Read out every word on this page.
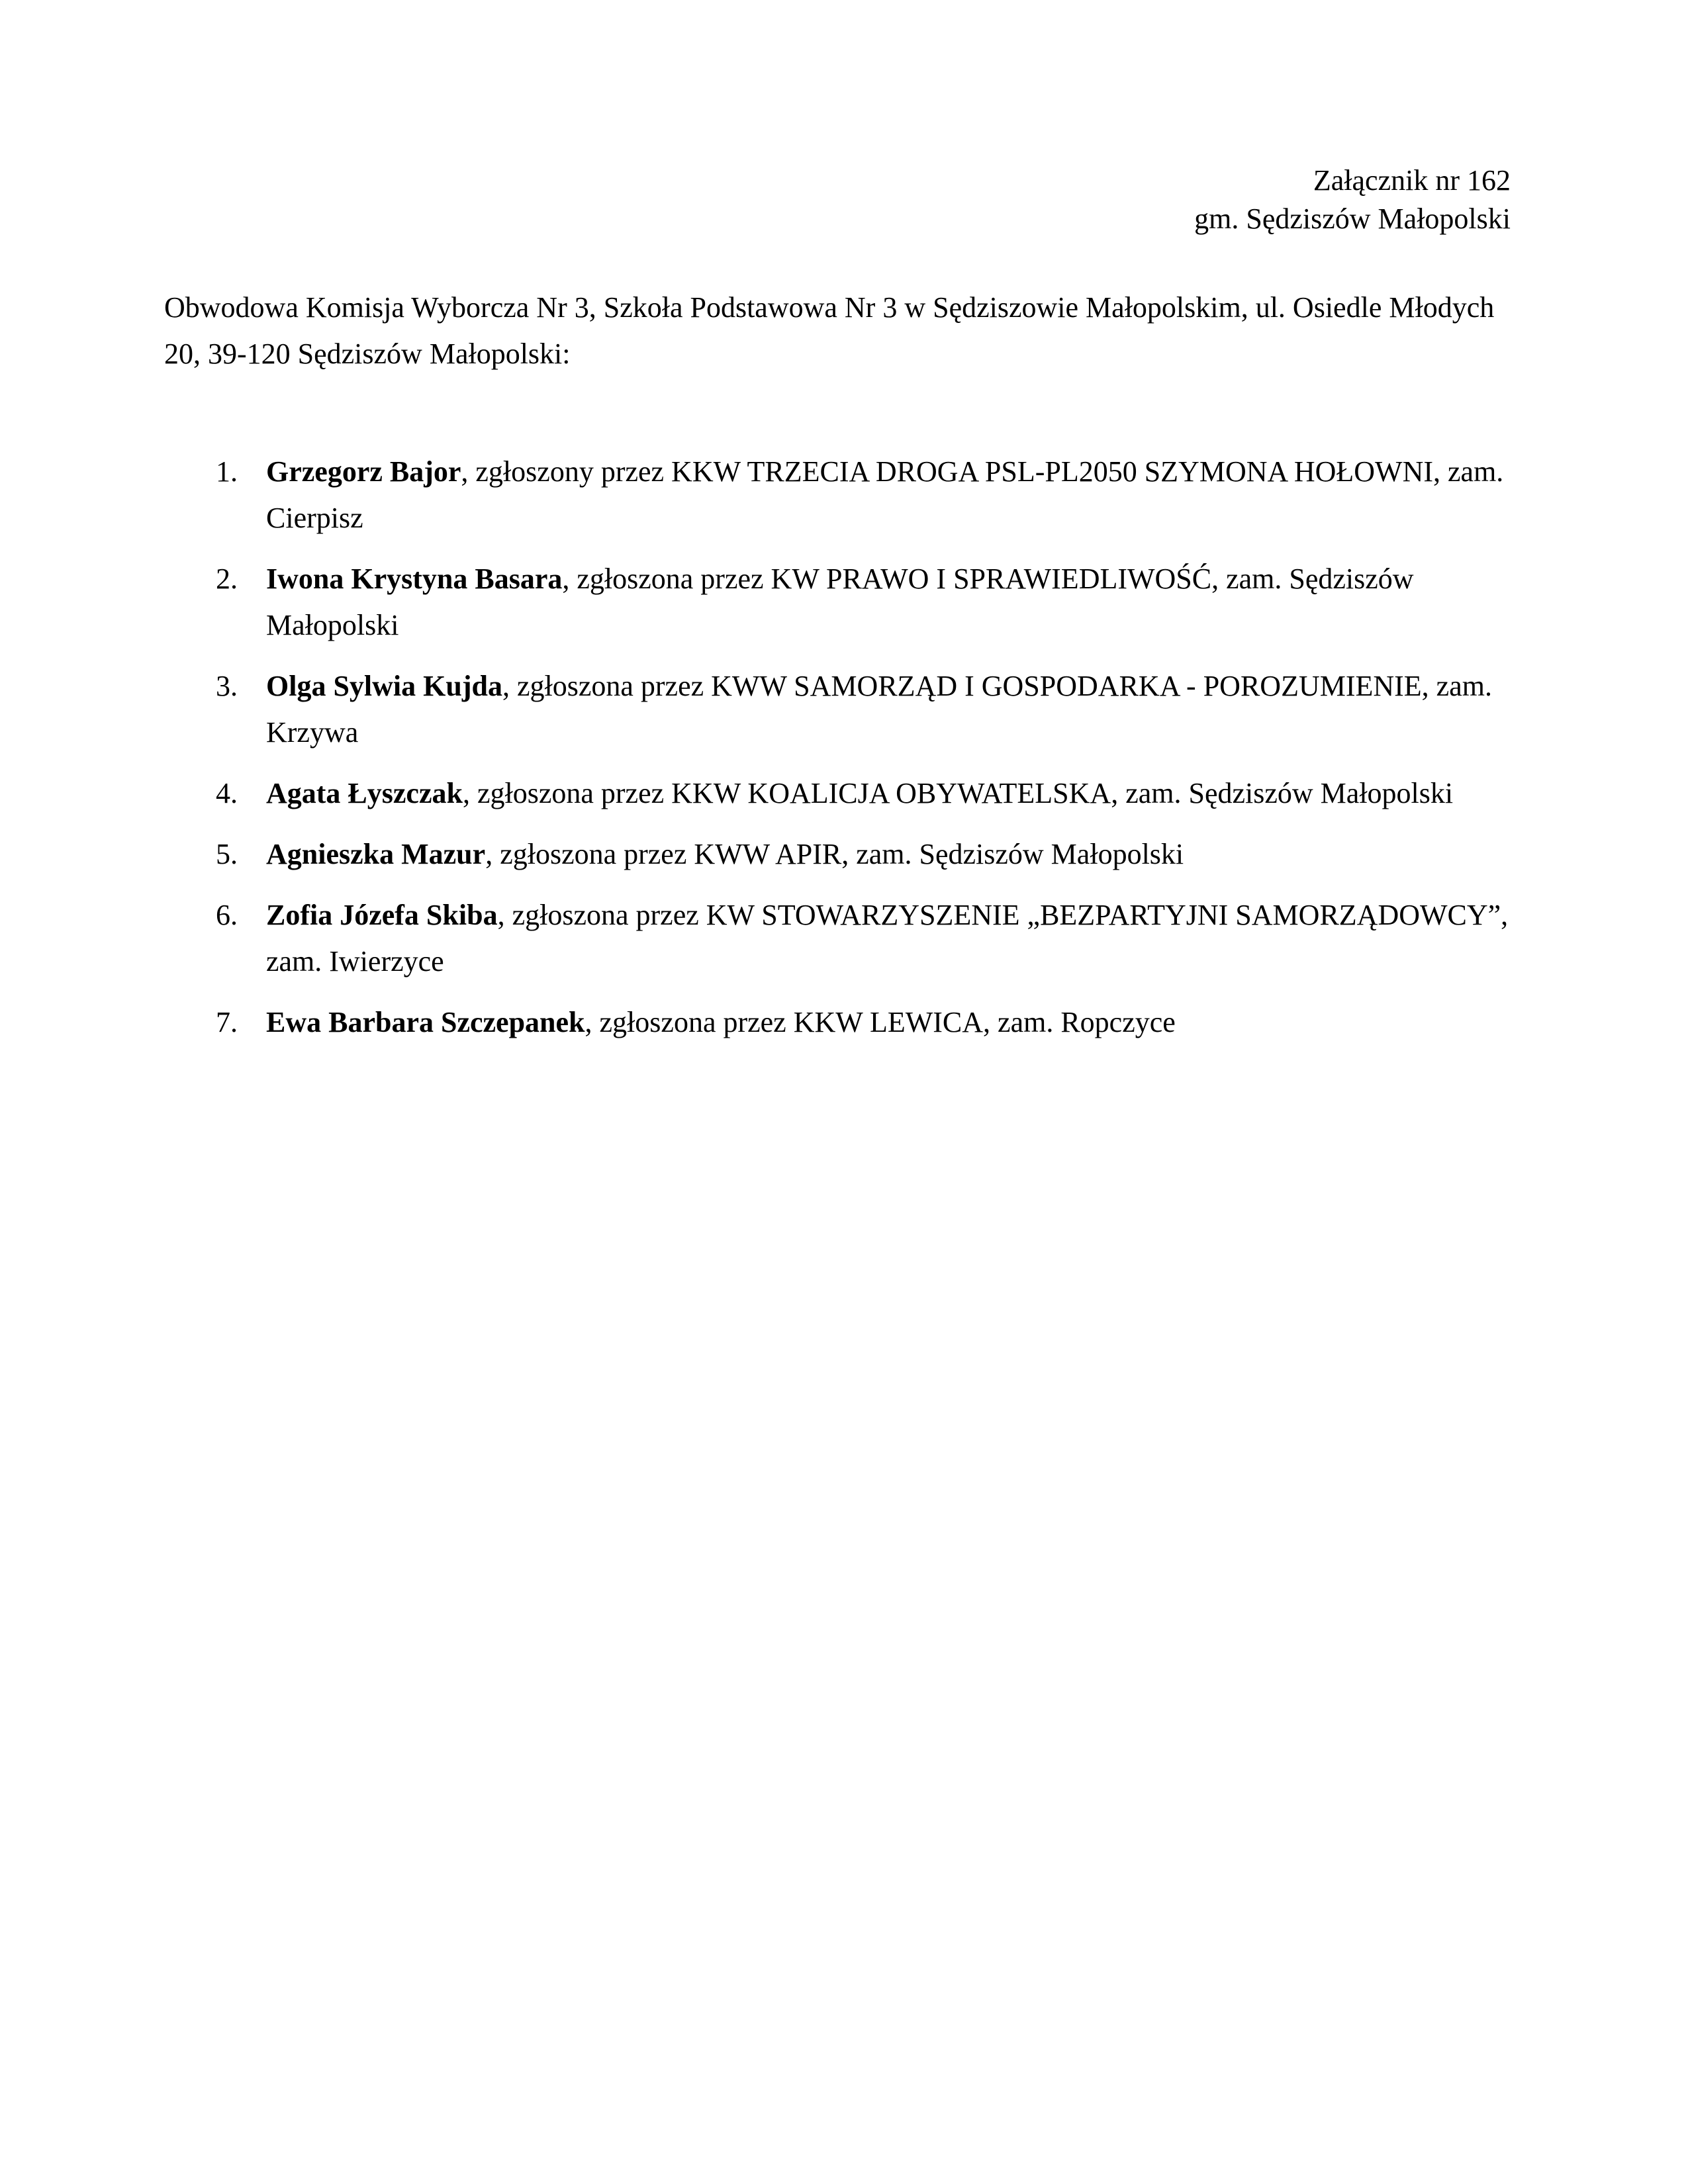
Załącznik nr 162
gm. Sędziszów Małopolski
Obwodowa Komisja Wyborcza Nr 3, Szkoła Podstawowa Nr 3 w Sędziszowie Małopolskim, ul. Osiedle Młodych 20, 39-120 Sędziszów Małopolski:
1. Grzegorz Bajor, zgłoszony przez KKW TRZECIA DROGA PSL-PL2050 SZYMONA HOŁOWNI, zam. Cierpisz
2. Iwona Krystyna Basara, zgłoszona przez KW PRAWO I SPRAWIEDLIWOŚĆ, zam. Sędziszów Małopolski
3. Olga Sylwia Kujda, zgłoszona przez KWW SAMORZĄD I GOSPODARKA - POROZUMIENIE, zam. Krzywa
4. Agata Łyszczak, zgłoszona przez KKW KOALICJA OBYWATELSKA, zam. Sędziszów Małopolski
5. Agnieszka Mazur, zgłoszona przez KWW APIR, zam. Sędziszów Małopolski
6. Zofia Józefa Skiba, zgłoszona przez KW STOWARZYSZENIE „BEZPARTYJNI SAMORZĄDOWCY”, zam. Iwierzyce
7. Ewa Barbara Szczepanek, zgłoszona przez KKW LEWICA, zam. Ropczyce
